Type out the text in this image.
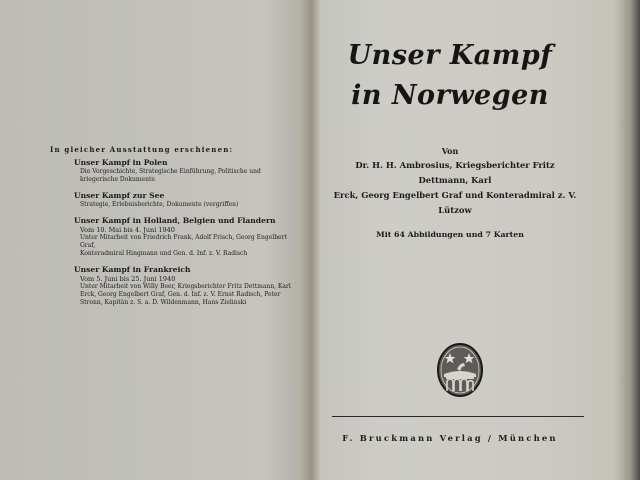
In gleicher Ausstattung erschienen:
Unser Kampf in Polen
Die Vorgeschichte, Strategische Einführung, Politische und
kriegerische Dokumente
Unser Kampf zur See
Strategie, Erlebnisberichte, Dokumente (vergriffen)
Unser Kampf in Holland, Belgien und Flandern
Vom 10. Mai bis 4. Juni 1940
Unter Mitarbeit von Friedrich Frank, Adolf Frisch, Georg Engelbert Graf,
Konteradmiral Hingmann und Gen. d. Inf. z. V. Radisch
Unser Kampf in Frankreich
Vom 5. Juni bis 25. Juni 1940
Unter Mitarbeit von Willy Beer, Kriegsberichter Fritz Dettmann, Karl
Erck, Georg Engelbert Graf, Gen. d. Inf. z. V. Ernst Radisch, Peter
Stronn, Kapitän z. S. a. D. Wildenmann, Hans Zielinski
Unser Kampf
in Norwegen
Von
Dr. H. H. Ambrosius, Kriegsberichter Fritz Dettmann, Karl
Erck, Georg Engelbert Graf und Konteradmiral z. V. Lützow
Mit 64 Abbildungen und 7 Karten
F. Bruckmann Verlag / München
